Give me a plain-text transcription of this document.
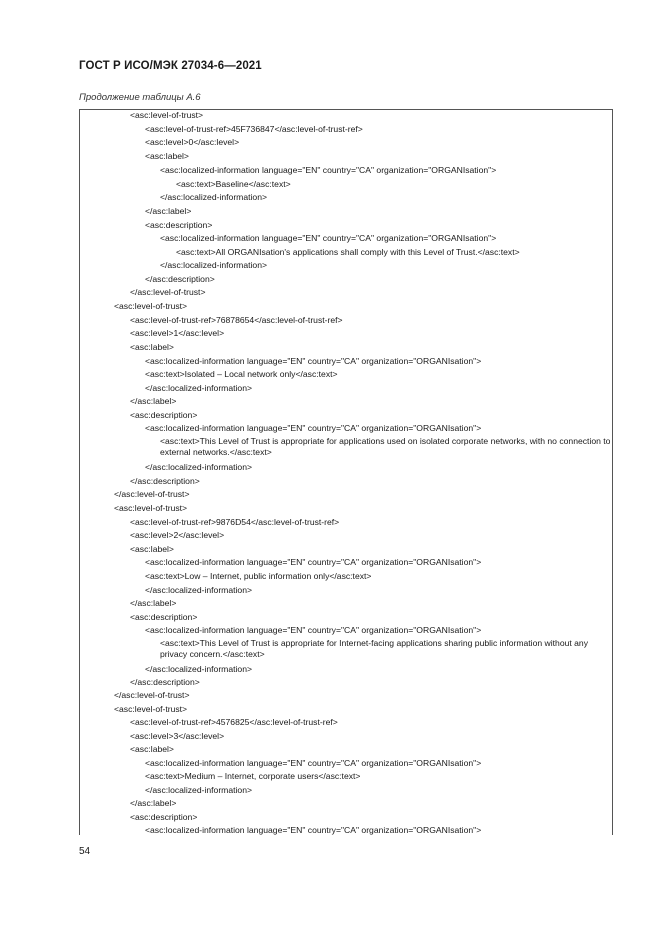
ГОСТ Р ИСО/МЭК 27034-6—2021
Продолжение таблицы А.6
<asc:level-of-trust>
<asc:level-of-trust-ref>45F736847</asc:level-of-trust-ref>
<asc:level>0</asc:level>
<asc:label>
<asc:localized-information language="EN" country="CA" organization="ORGANIsation">
<asc:text>Baseline</asc:text>
</asc:localized-information>
</asc:label>
<asc:description>
<asc:localized-information language="EN" country="CA" organization="ORGANIsation">
<asc:text>All ORGANIsation's applications shall comply with this Level of Trust.</asc:text>
</asc:localized-information>
</asc:description>
</asc:level-of-trust>
<asc:level-of-trust>
<asc:level-of-trust-ref>76878654</asc:level-of-trust-ref>
<asc:level>1</asc:level>
<asc:label>
<asc:localized-information language="EN" country="CA" organization="ORGANIsation">
<asc:text>Isolated – Local network only</asc:text>
</asc:localized-information>
</asc:label>
<asc:description>
<asc:localized-information language="EN" country="CA" organization="ORGANIsation">
<asc:text>This Level of Trust is appropriate for applications used on isolated corporate networks, with no connection to external networks.</asc:text>
</asc:localized-information>
</asc:description>
</asc:level-of-trust>
<asc:level-of-trust>
<asc:level-of-trust-ref>9876D54</asc:level-of-trust-ref>
<asc:level>2</asc:level>
<asc:label>
<asc:localized-information language="EN" country="CA" organization="ORGANIsation">
<asc:text>Low – Internet, public information only</asc:text>
</asc:localized-information>
</asc:label>
<asc:description>
<asc:localized-information language="EN" country="CA" organization="ORGANIsation">
<asc:text>This Level of Trust is appropriate for Internet-facing applications sharing public information without any privacy concern.</asc:text>
</asc:localized-information>
</asc:description>
</asc:level-of-trust>
<asc:level-of-trust>
<asc:level-of-trust-ref>4576825</asc:level-of-trust-ref>
<asc:level>3</asc:level>
<asc:label>
<asc:localized-information language="EN" country="CA" organization="ORGANIsation">
<asc:text>Medium – Internet, corporate users</asc:text>
</asc:localized-information>
</asc:label>
<asc:description>
<asc:localized-information language="EN" country="CA" organization="ORGANIsation">
54
